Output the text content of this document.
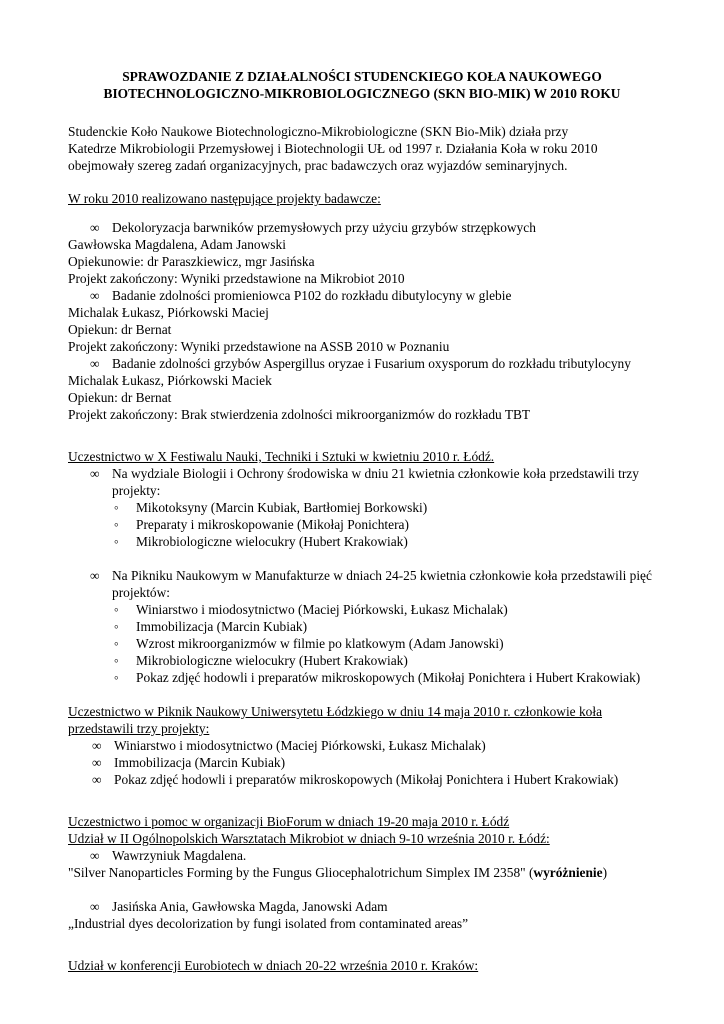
SPRAWOZDANIE Z DZIAŁALNOŚCI STUDENCKIEGO KOŁA NAUKOWEGO
BIOTECHNOLOGICZNO-MIKROBIOLOGICZNEGO (SKN BIO-MIK) W 2010 ROKU
Studenckie Koło Naukowe Biotechnologiczno-Mikrobiologiczne (SKN Bio-Mik) działa przy
Katedrze Mikrobiologii Przemysłowej i Biotechnologii UŁ od 1997 r. Działania Koła w roku 2010
obejmowały szereg zadań organizacyjnych, prac badawczych oraz wyjazdów seminaryjnych.
W roku 2010 realizowano następujące projekty badawcze:
∞ Dekoloryzacja barwników przemysłowych przy użyciu grzybów strzępkowych
Gawłowska Magdalena, Adam Janowski
Opiekunowie: dr Paraszkiewicz, mgr Jasińska
Projekt zakończony: Wyniki przedstawione na Mikrobiot 2010
∞ Badanie zdolności promieniowca P102 do rozkładu dibutylocyny w glebie
Michalak Łukasz, Piórkowski Maciej
Opiekun: dr Bernat
Projekt zakończony: Wyniki przedstawione na ASSB 2010 w Poznaniu
∞ Badanie zdolności grzybów Aspergillus oryzae i Fusarium oxysporum do rozkładu tributylocyny
Michalak Łukasz, Piórkowski Maciek
Opiekun: dr Bernat
Projekt zakończony: Brak stwierdzenia zdolności mikroorganizmów do rozkładu TBT
Uczestnictwo w X Festiwalu Nauki, Techniki i Sztuki w kwietniu 2010 r. Łódź.
∞ Na wydziale Biologii i Ochrony środowiska w dniu 21 kwietnia członkowie koła przedstawili trzy
projekty:
◦ Mikotoksyny (Marcin Kubiak, Bartłomiej Borkowski)
◦ Preparaty i mikroskopowanie (Mikołaj Ponichtera)
◦ Mikrobiologiczne wielocukry (Hubert Krakowiak)
∞ Na Pikniku Naukowym w Manufakturze w dniach 24-25 kwietnia członkowie koła przedstawili pięć
projektów:
◦ Winiarstwo i miodosytnictwo (Maciej Piórkowski, Łukasz Michalak)
◦ Immobilizacja (Marcin Kubiak)
◦ Wzrost mikroorganizmów w filmie po klatkowym (Adam Janowski)
◦ Mikrobiologiczne wielocukry (Hubert Krakowiak)
◦ Pokaz zdjęć hodowli i preparatów mikroskopowych (Mikołaj Ponichtera i Hubert Krakowiak)
Uczestnictwo w Piknik Naukowy Uniwersytetu Łódzkiego w dniu 14 maja 2010 r. członkowie koła
przedstawili trzy projekty:
∞ Winiarstwo i miodosytnictwo (Maciej Piórkowski, Łukasz Michalak)
∞ Immobilizacja (Marcin Kubiak)
∞ Pokaz zdjęć hodowli i preparatów mikroskopowych (Mikołaj Ponichtera i Hubert Krakowiak)
Uczestnictwo i pomoc w organizacji BioForum w dniach 19-20 maja 2010 r. Łódź
Udział w II Ogólnopolskich Warsztatach Mikrobiot w dniach 9-10 września 2010 r. Łódź:
∞ Wawrzyniuk Magdalena.
"Silver Nanoparticles Forming by the Fungus Gliocephalotrichum Simplex IM 2358" (wyróżnienie)
∞ Jasińska Ania, Gawłowska Magda, Janowski Adam
„Industrial dyes decolorization by fungi isolated from contaminated areas”
Udział w konferencji Eurobiotech w dniach 20-22 września 2010 r. Kraków:
